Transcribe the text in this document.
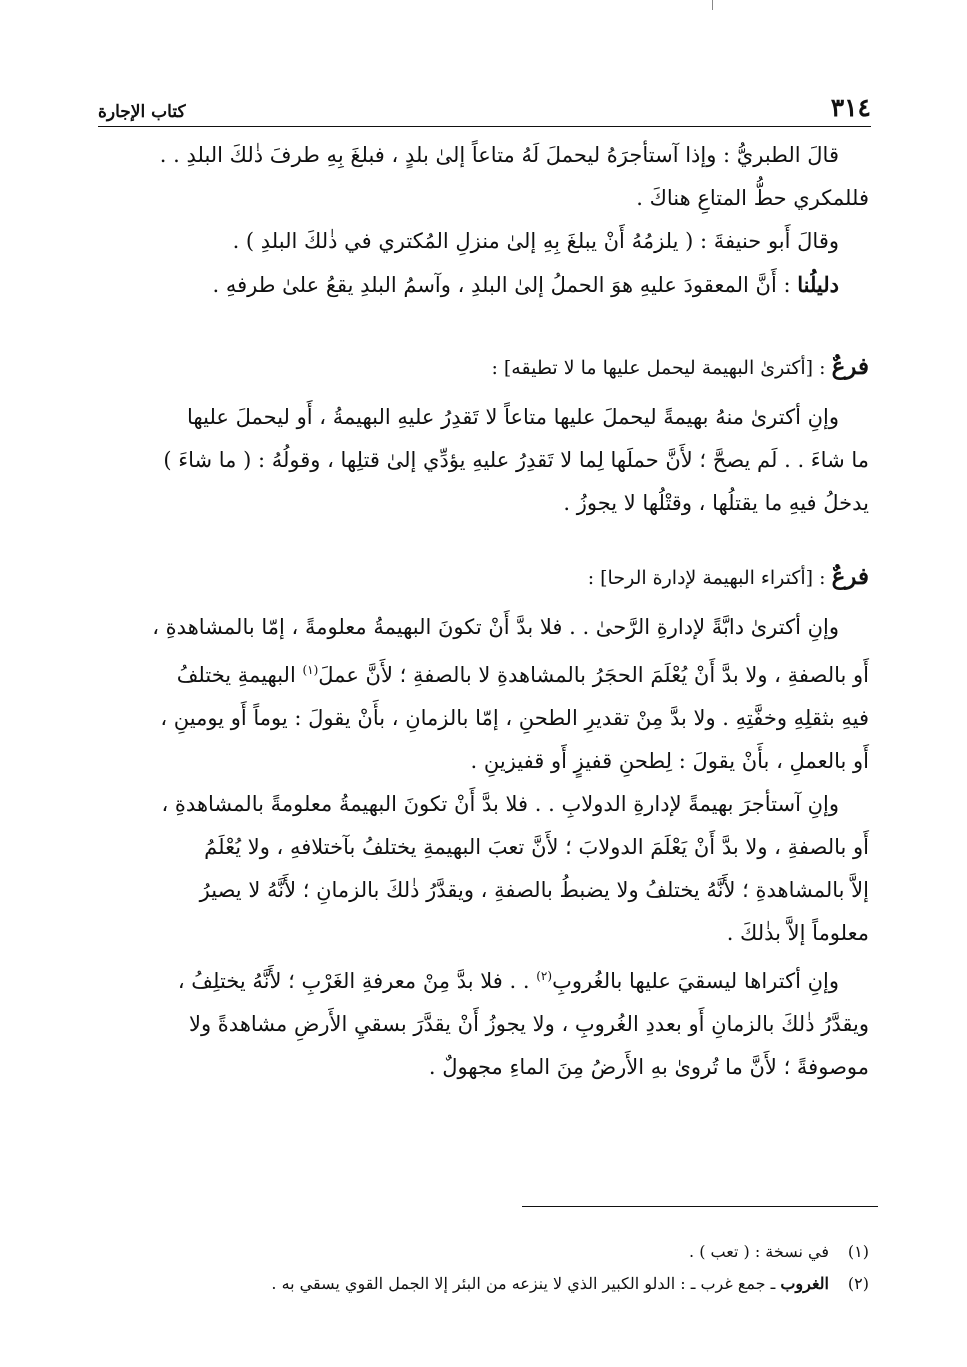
٣١٤
كتاب الإجارة

قالَ الطبريُّ : وإذا آستأجرَهُ ليحملَ لَهُ متاعاً إلىٰ بلدٍ ، فبلغَ بِهِ طرفَ ذٰلكَ البلدِ . .
فللمكري حطُّ المتاعِ هناكَ .

وقالَ أَبو حنيفةَ : ( يلزمُهُ أَنْ يبلغَ بِهِ إلىٰ منزلِ المُكتري في ذٰلكَ البلدِ ) .

دليلُنا : أَنَّ المعقودَ عليهِ هوَ الحملُ إلىٰ البلدِ ، وآسمُ البلدِ يقعُ علىٰ طرفهِ .

فرعٌ : [أكترىٰ البهيمة ليحمل عليها ما لا تطيقه] :

وإنِ أكترىٰ منهُ بهيمةً ليحملَ عليها متاعاً لا تَقدِرُ عليهِ البهيمةُ ، أَو ليحملَ عليها
ما شاءَ . . لَم يصحَّ ؛ لأَنَّ حملَها لِما لا تَقدِرُ عليهِ يؤدِّي إلىٰ قتلِها ، وقولُهُ : ( ما شاءَ )
يدخلُ فيهِ ما يقتلُها ، وقتْلُها لا يجوزُ .

فرعٌ : [أكتراء البهيمة لإدارة الرحا] :

وإنِ أكترىٰ دابَّةً لإدارةِ الرَّحىٰ . . فلا بدَّ أَنْ تكونَ البهيمةُ معلومةً ، إمّا بالمشاهدةِ ،
أَو بالصفةِ ، ولا بدَّ أَنْ يُعْلَمَ الحجَرُ بالمشاهدةِ لا بالصفةِ ؛ لأَنَّ عملَ$^{(١)}$ البهيمةِ يختلفُ
فيهِ بثقلِهِ وخفَّتِهِ . ولا بدَّ مِنْ تقديرِ الطحنِ ، إمّا بالزمانِ ، بأَنْ يقولَ : يوماً أَو يومينِ ،
أَو بالعملِ ، بأَنْ يقولَ : لِطحنِ قفيزٍ أَو قفيزينِ .

وإنِ آستأجرَ بهيمةً لإدارةِ الدولابِ . . فلا بدَّ أَنْ تكونَ البهيمةُ معلومةً بالمشاهدةِ ،
أَو بالصفةِ ، ولا بدَّ أَنْ يَعْلَمَ الدولابَ ؛ لأَنَّ تعبَ البهيمةِ يختلفُ بآختلافهِ ، ولا يُعْلَمُ
إلاَّ بالمشاهدةِ ؛ لأَنَّهُ يختلفُ ولا يضبطُ بالصفةِ ، ويقدَّرُ ذٰلكَ بالزمانِ ؛ لأَنَّهُ لا يصيرُ
معلوماً إلاَّ بذٰلكَ .

وإنِ أكتراها ليسقيَ عليها بالغُروبِ$^{(٢)}$ . . فلا بدَّ مِنْ معرفةِ الغَرْبِ ؛ لأَنَّهُ يختلِفُ ،
ويقدَّرُ ذٰلكَ بالزمانِ أَو بعددِ الغُروبِ ، ولا يجوزُ أَنْ يقدَّرَ بسقيِ الأَرضِ مشاهدةً ولا
موصوفةً ؛ لأَنَّ ما تُروىٰ بهِ الأَرضُ مِنَ الماءِ مجهولٌ .

(١)
في نسخة : ( تعب ) .
(٢)
الغروب ـ جمع غرب ـ : الدلو الكبير الذي لا ينزعه من البئر إلا الجمل القوي يسقي به .
